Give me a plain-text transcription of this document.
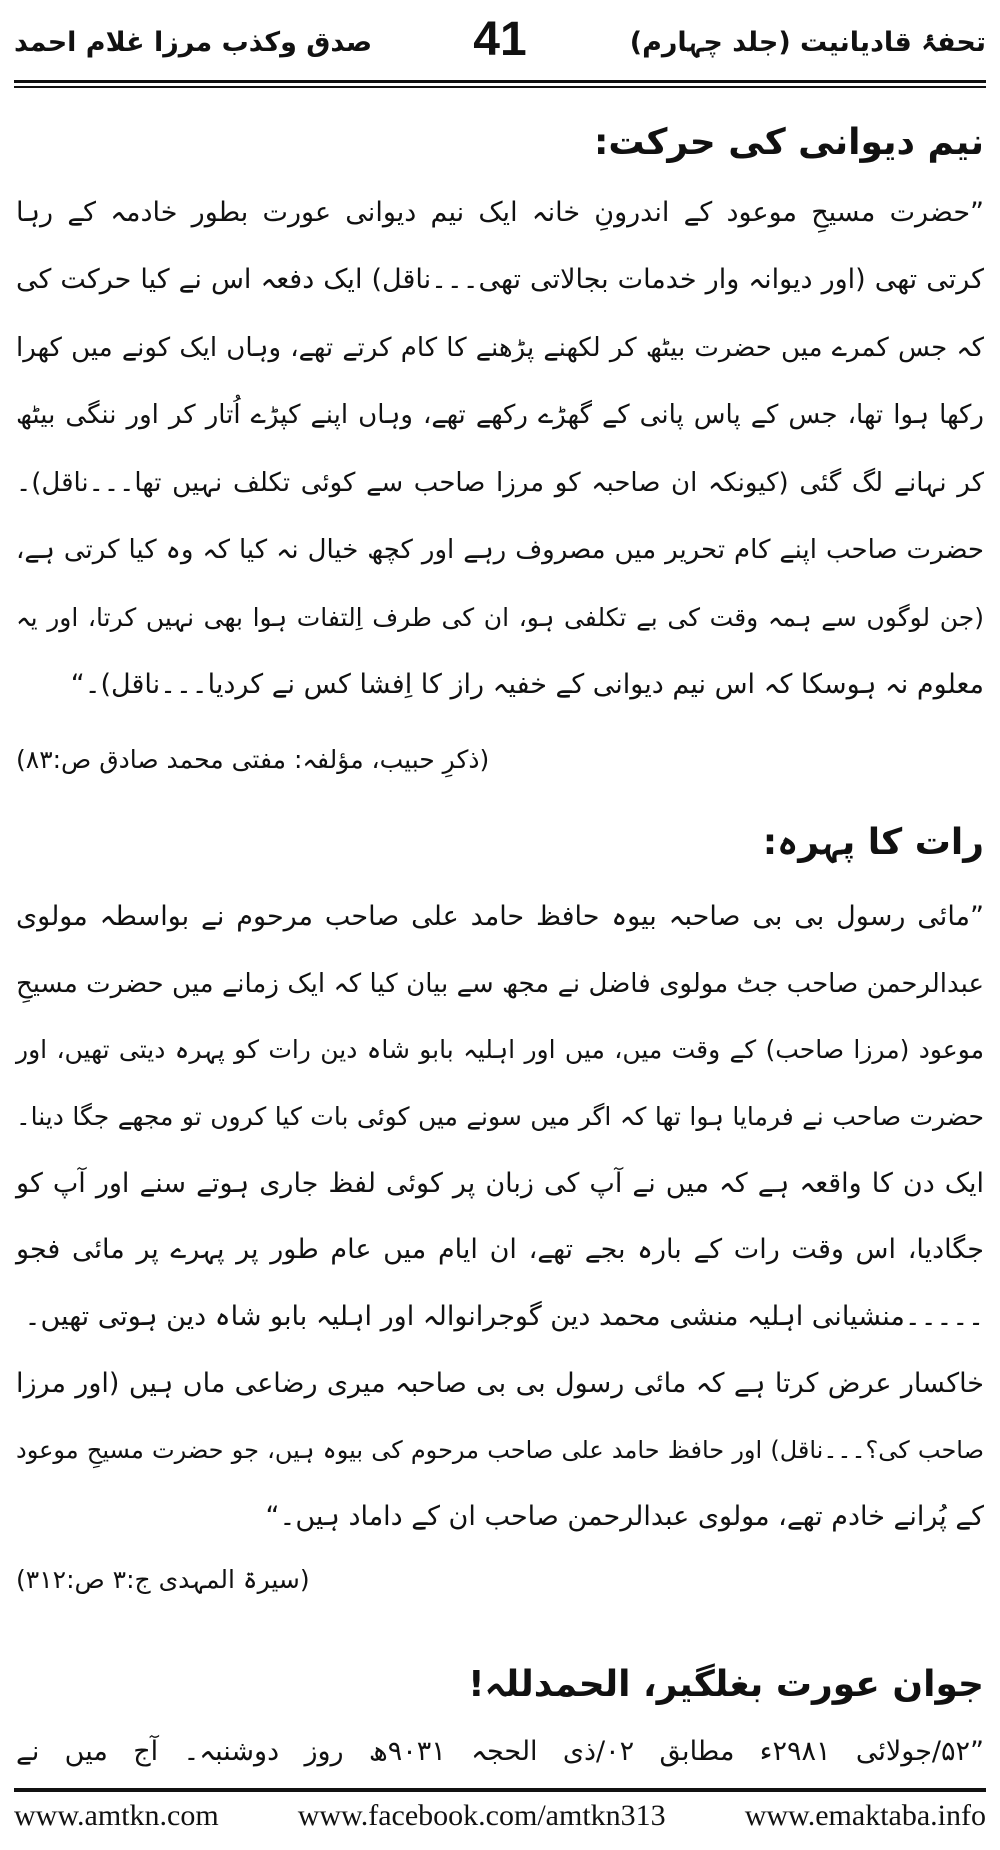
تحفۂ قادیانیت (جلد چہارم)
41
صدق وکذب مرزا غلام احمد
نیم دیوانی کی حرکت:
”حضرت مسیحِ موعود کے اندرونِ خانہ ایک نیم دیوانی عورت بطور خادمہ کے رہا
کرتی تھی (اور دیوانہ وار خدمات بجالاتی تھی۔۔۔ناقل) ایک دفعہ اس نے کیا حرکت کی
کہ جس کمرے میں حضرت بیٹھ کر لکھنے پڑھنے کا کام کرتے تھے، وہاں ایک کونے میں کھرا
رکھا ہوا تھا، جس کے پاس پانی کے گھڑے رکھے تھے، وہاں اپنے کپڑے اُتار کر اور ننگی بیٹھ
کر نہانے لگ گئی (کیونکہ ان صاحبہ کو مرزا صاحب سے کوئی تکلف نہیں تھا۔۔۔ناقل)۔
حضرت صاحب اپنے کام تحریر میں مصروف رہے اور کچھ خیال نہ کیا کہ وہ کیا کرتی ہے،
(جن لوگوں سے ہمہ وقت کی بے تکلفی ہو، ان کی طرف اِلتفات ہوا بھی نہیں کرتا، اور یہ
معلوم نہ ہوسکا کہ اس نیم دیوانی کے خفیہ راز کا اِفشا کس نے کردیا۔۔۔ناقل)۔“
(ذکرِ حبیب، مؤلفہ: مفتی محمد صادق ص:۸۳)
رات کا پہرہ:
”مائی رسول بی بی صاحبہ بیوہ حافظ حامد علی صاحب مرحوم نے بواسطہ مولوی
عبدالرحمن صاحب جٹ مولوی فاضل نے مجھ سے بیان کیا کہ ایک زمانے میں حضرت مسیحِ
موعود (مرزا صاحب) کے وقت میں، میں اور اہلیہ بابو شاہ دین رات کو پہرہ دیتی تھیں، اور
حضرت صاحب نے فرمایا ہوا تھا کہ اگر میں سونے میں کوئی بات کیا کروں تو مجھے جگا دینا۔
ایک دن کا واقعہ ہے کہ میں نے آپ کی زبان پر کوئی لفظ جاری ہوتے سنے اور آپ کو
جگادیا، اس وقت رات کے بارہ بجے تھے، ان ایام میں عام طور پر پہرے پر مائی فجو
۔۔۔۔۔منشیانی اہلیہ منشی محمد دین گوجرانوالہ اور اہلیہ بابو شاہ دین ہوتی تھیں۔
خاکسار عرض کرتا ہے کہ مائی رسول بی بی صاحبہ میری رضاعی ماں ہیں (اور مرزا
صاحب کی؟۔۔۔ناقل) اور حافظ حامد علی صاحب مرحوم کی بیوہ ہیں، جو حضرت مسیحِ موعود
کے پُرانے خادم تھے، مولوی عبدالرحمن صاحب ان کے داماد ہیں۔“
(سیرۃ المہدی ج:۳ ص:۳۱۲)
جوان عورت بغلگیر، الحمدللہ!
”۵۲/جولائی ۲۹۸۱ء مطابق ۰۲/ذی الحجہ ۹۰۳۱ھ روز دوشنبہ۔ آج میں نے
www.amtkn.com	www.facebook.com/amtkn313	www.emaktaba.info
